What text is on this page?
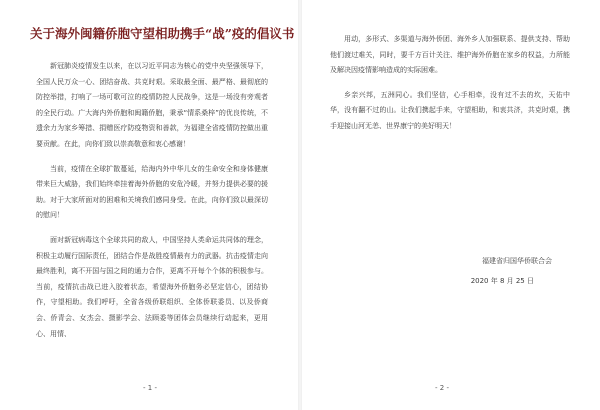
关于海外闽籍侨胞守望相助携手“战”疫的倡议书

新冠肺炎疫情发生以来，在以习近平同志为核心的党中央坚强领导下，全国人民万众一心、团结奋战、共克时艰。采取最全面、最严格、最彻底的防控举措，打响了一场可歌可泣的疫情防控人民战争，这是一场没有旁观者的全民行动。广大海内外侨胞和闽籍侨胞，秉承“情系桑梓”的优良传统，不遗余力为家乡筹措、捐赠医疗防疫物资和善款，为福建全省疫情防控做出重要贡献。在此，向你们致以崇高敬意和衷心感谢！

当前，疫情在全球扩散蔓延，给海内外中华儿女的生命安全和身体健康带来巨大威胁，我们始终牵挂着海外侨胞的安危冷暖，并努力提供必要的援助。对于大家所面对的困难和关境我们感同身受。在此，向你们致以最深切的慰问！

面对新冠病毒这个全球共同的敌人，中国坚持人类命运共同体的理念，积极主动履行国际责任，团结合作是战胜疫情最有力的武器。抗击疫情走向最终胜利，离不开国与国之间的通力合作，更离不开每个个体的积极参与。当前，疫情抗击战已进入胶着状态，希望海外侨胞务必坚定信心，团结协作，守望相助。我们呼吁，全省各级侨联组织、全体侨联委员、以及侨商会、侨青会、女杰会、摄影学会、法顾委等团体会员继续行动起来，更用心、用情、

- 1 -

用动，多形式、多渠道与海外侨团、海外乡人加强联系、提供支持、帮助他们渡过难关，同时，要千方百计关注、维护海外侨胞在家乡的权益，力所能及解决因疫情影响造成的实际困难。

乡亲兴邦，五洲同心。我们坚信，心手相牵，没有过不去的坎，天佑中华，没有翻不过的山。让我们携起手来，守望相助，和衷共济，共克时艰，携手迎接山河无恙、世界康宁的美好明天！

福建省归国华侨联合会
2020 年 8 月 25 日
- 2 -
